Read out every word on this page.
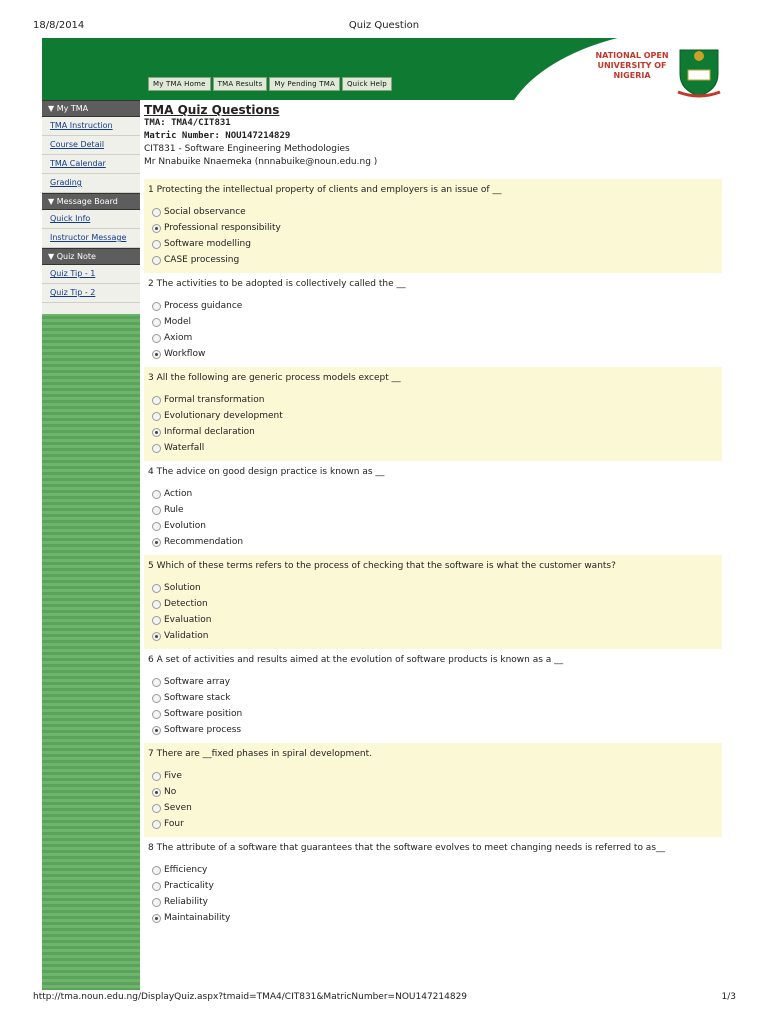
18/8/2014	Quiz Question
My TMA Home	TMA Results	My Pending TMA	Quick Help
NATIONAL OPEN UNIVERSITY OF NIGERIA
▼ My TMA
TMA Instruction
Course Detail
TMA Calendar
Grading
▼ Message Board
Quick Info
Instructor Message
▼ Quiz Note
Quiz Tip - 1
Quiz Tip - 2
TMA Quiz Questions
TMA: TMA4/CIT831
Matric Number: NOU147214829
CIT831 - Software Engineering Methodologies
Mr Nnabuike Nnaemeka (nnnabuike@noun.edu.ng )
1 Protecting the intellectual property of clients and employers is an issue of __
Social observance
Professional responsibility
Software modelling
CASE processing
2 The activities to be adopted is collectively called the __
Process guidance
Model
Axiom
Workflow
3 All the following are generic process models except __
Formal transformation
Evolutionary development
Informal declaration
Waterfall
4 The advice on good design practice is known as __
Action
Rule
Evolution
Recommendation
5 Which of these terms refers to the process of checking that the software is what the customer wants?
Solution
Detection
Evaluation
Validation
6 A set of activities and results aimed at the evolution of software products is known as a __
Software array
Software stack
Software position
Software process
7 There are __fixed phases in spiral development.
Five
No
Seven
Four
8 The attribute of a software that guarantees that the software evolves to meet changing needs is referred to as__
Efficiency
Practicality
Reliability
Maintainability
http://tma.noun.edu.ng/DisplayQuiz.aspx?tmaid=TMA4/CIT831&MatricNumber=NOU147214829	1/3
